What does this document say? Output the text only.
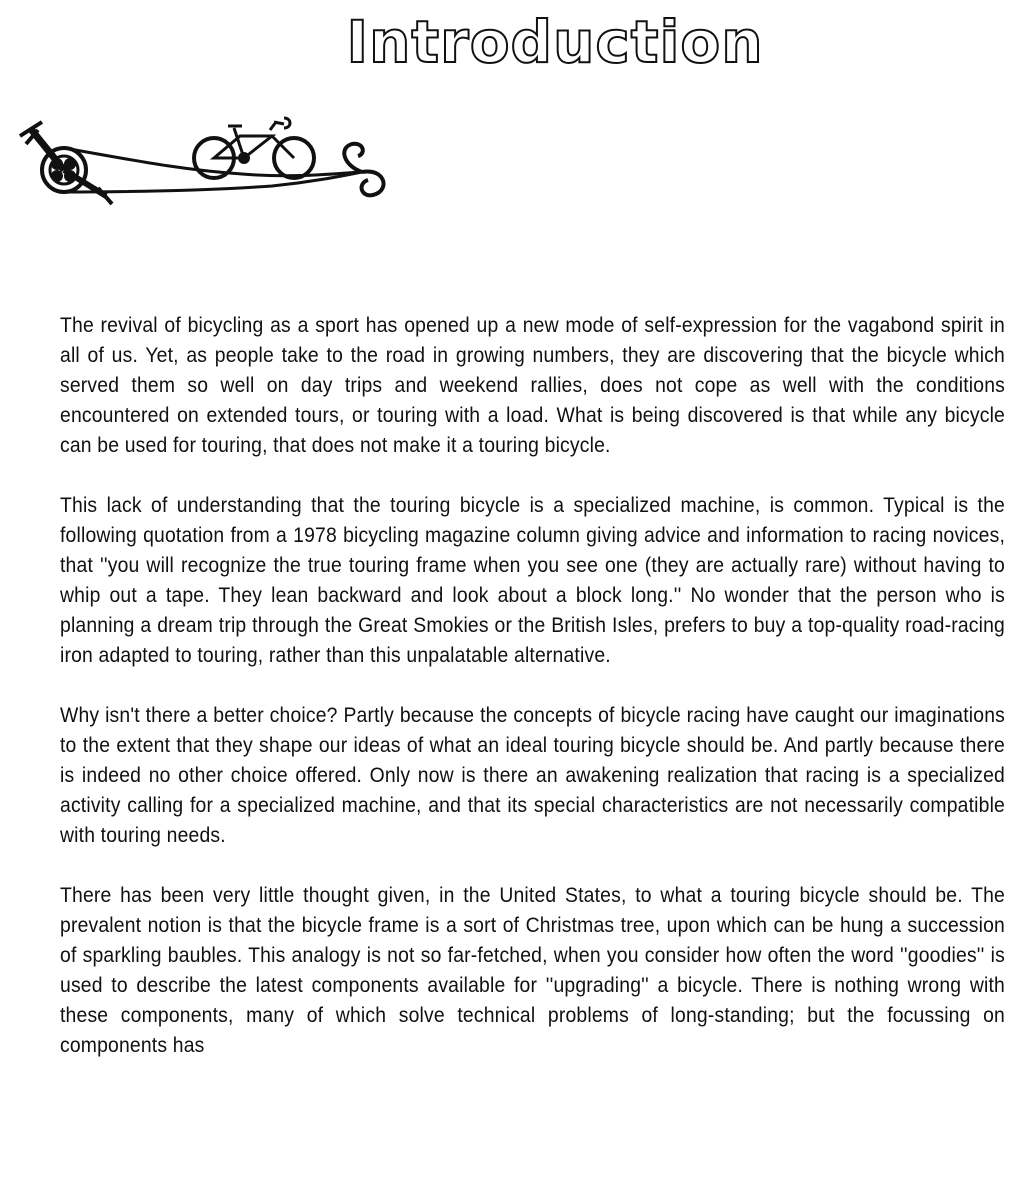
Introduction

The revival of bicycling as a sport has opened up a new mode of self-expression for the vagabond spirit in all of us. Yet, as people take to the road in growing numbers, they are discovering that the bicycle which served them so well on day trips and weekend rallies, does not cope as well with the conditions encountered on extended tours, or touring with a load. What is being discovered is that while any bicycle can be used for touring, that does not make it a touring bicycle.

This lack of understanding that the touring bicycle is a specialized machine, is common. Typical is the following quotation from a 1978 bicycling magazine column giving advice and information to racing novices, that ''you will recognize the true touring frame when you see one (they are actually rare) without having to whip out a tape. They lean backward and look about a block long.'' No wonder that the person who is planning a dream trip through the Great Smokies or the British Isles, prefers to buy a top-quality road-racing iron adapted to touring, rather than this unpalatable alternative.

Why isn't there a better choice? Partly because the concepts of bicycle racing have caught our imaginations to the extent that they shape our ideas of what an ideal touring bicycle should be. And partly because there is indeed no other choice offered. Only now is there an awakening realization that racing is a specialized activity calling for a specialized machine, and that its special characteristics are not necessarily compatible with touring needs.

There has been very little thought given, in the United States, to what a touring bicycle should be. The prevalent notion is that the bicycle frame is a sort of Christmas tree, upon which can be hung a succession of sparkling baubles. This analogy is not so far-fetched, when you consider how often the word ''goodies'' is used to describe the latest components available for ''upgrading'' a bicycle. There is nothing wrong with these components, many of which solve technical problems of long-standing; but the focussing on components has
